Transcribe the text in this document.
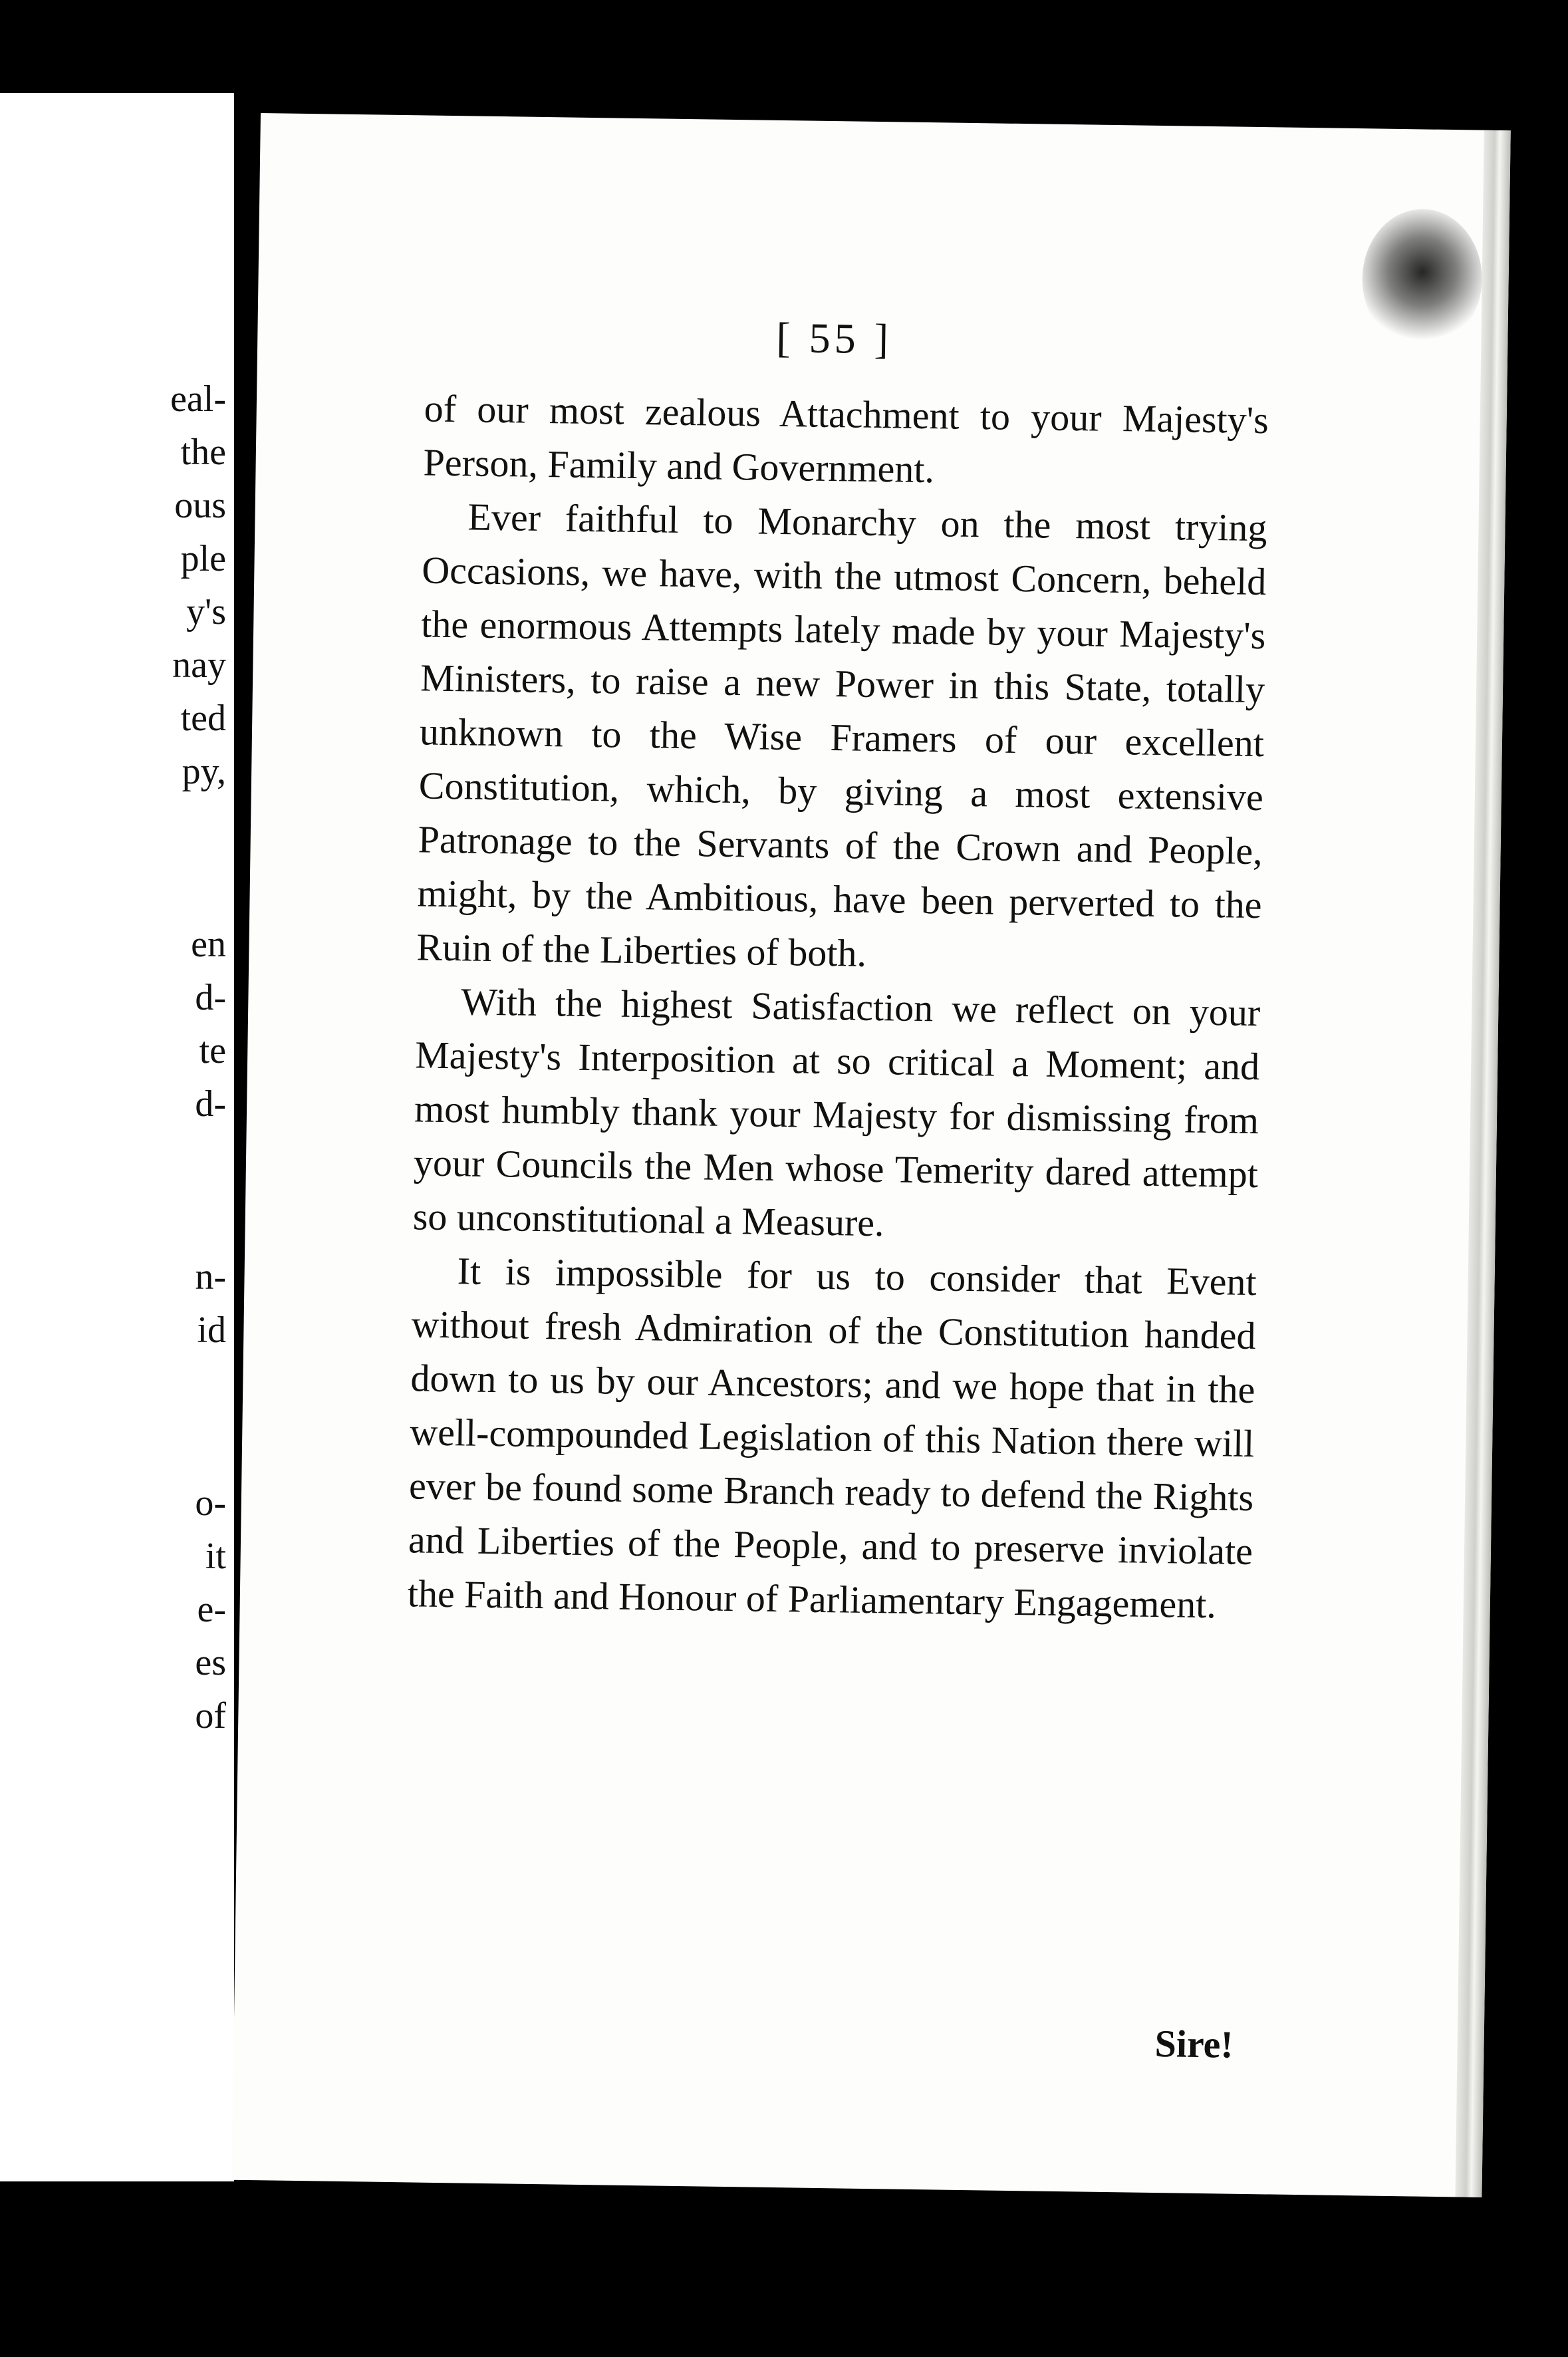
eal-
the
ous
ple
y's
nay
ted
py,
en
d-
te
d-
n-
id
o-
it
e-
es
of
[ 55 ]

of our most zealous Attachment to your Majesty's Person, Family and Government.

Ever faithful to Monarchy on the most trying Occasions, we have, with the utmost Concern, beheld the enormous Attempts lately made by your Majesty's Ministers, to raise a new Power in this State, totally unknown to the Wise Framers of our excellent Constitution, which, by giving a most extensive Patronage to the Servants of the Crown and People, might, by the Ambitious, have been perverted to the Ruin of the Liberties of both.

With the highest Satisfaction we reflect on your Majesty's Interposition at so critical a Moment; and most humbly thank your Majesty for dismissing from your Councils the Men whose Temerity dared attempt so unconstitutional a Measure.

It is impossible for us to consider that Event without fresh Admiration of the Constitution handed down to us by our Ancestors; and we hope that in the well-compounded Legislation of this Nation there will ever be found some Branch ready to defend the Rights and Liberties of the People, and to preserve inviolate the Faith and Honour of Parliamentary Engagement.

Sire!
